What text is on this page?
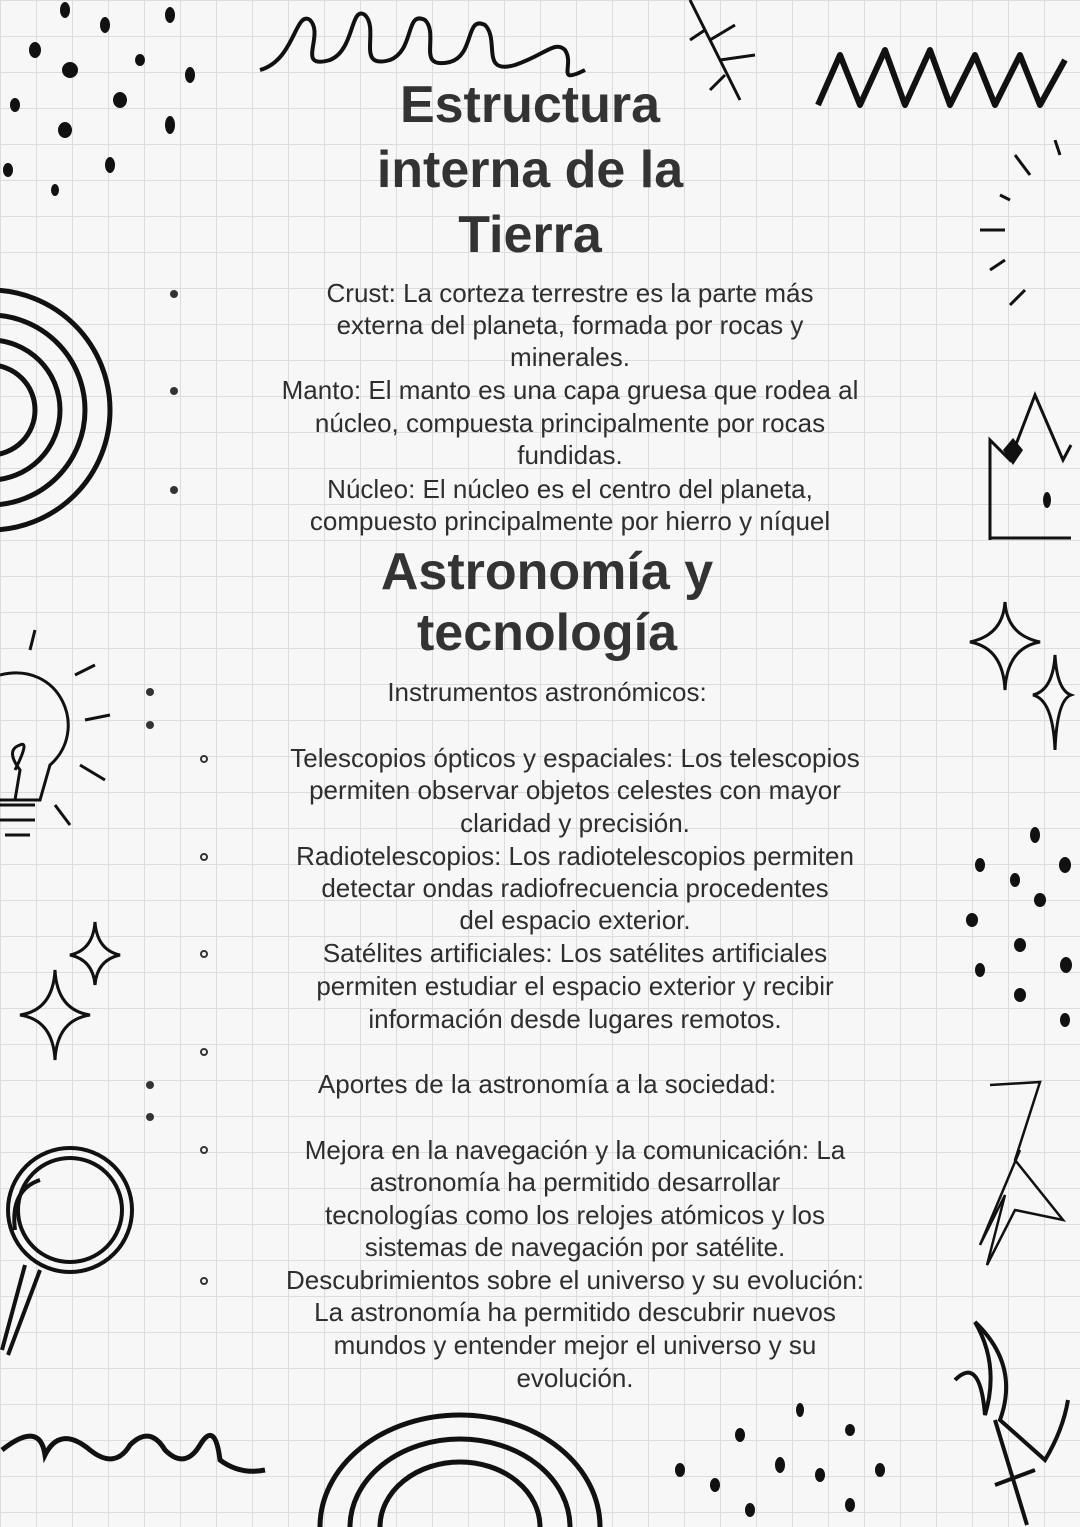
Estructura
interna de la
Tierra
Crust: La corteza terrestre es la parte más
externa del planeta, formada por rocas y
minerales.
Manto: El manto es una capa gruesa que rodea al
núcleo, compuesta principalmente por rocas
fundidas.
Núcleo: El núcleo es el centro del planeta,
compuesto principalmente por hierro y níquel
Astronomía y
tecnología
Instrumentos astronómicos:
Telescopios ópticos y espaciales: Los telescopios
permiten observar objetos celestes con mayor
claridad y precisión.
Radiotelescopios: Los radiotelescopios permiten
detectar ondas radiofrecuencia procedentes
del espacio exterior.
Satélites artificiales: Los satélites artificiales
permiten estudiar el espacio exterior y recibir
información desde lugares remotos.
Aportes de la astronomía a la sociedad:
Mejora en la navegación y la comunicación: La
astronomía ha permitido desarrollar
tecnologías como los relojes atómicos y los
sistemas de navegación por satélite.
Descubrimientos sobre el universo y su evolución:
La astronomía ha permitido descubrir nuevos
mundos y entender mejor el universo y su
evolución.
